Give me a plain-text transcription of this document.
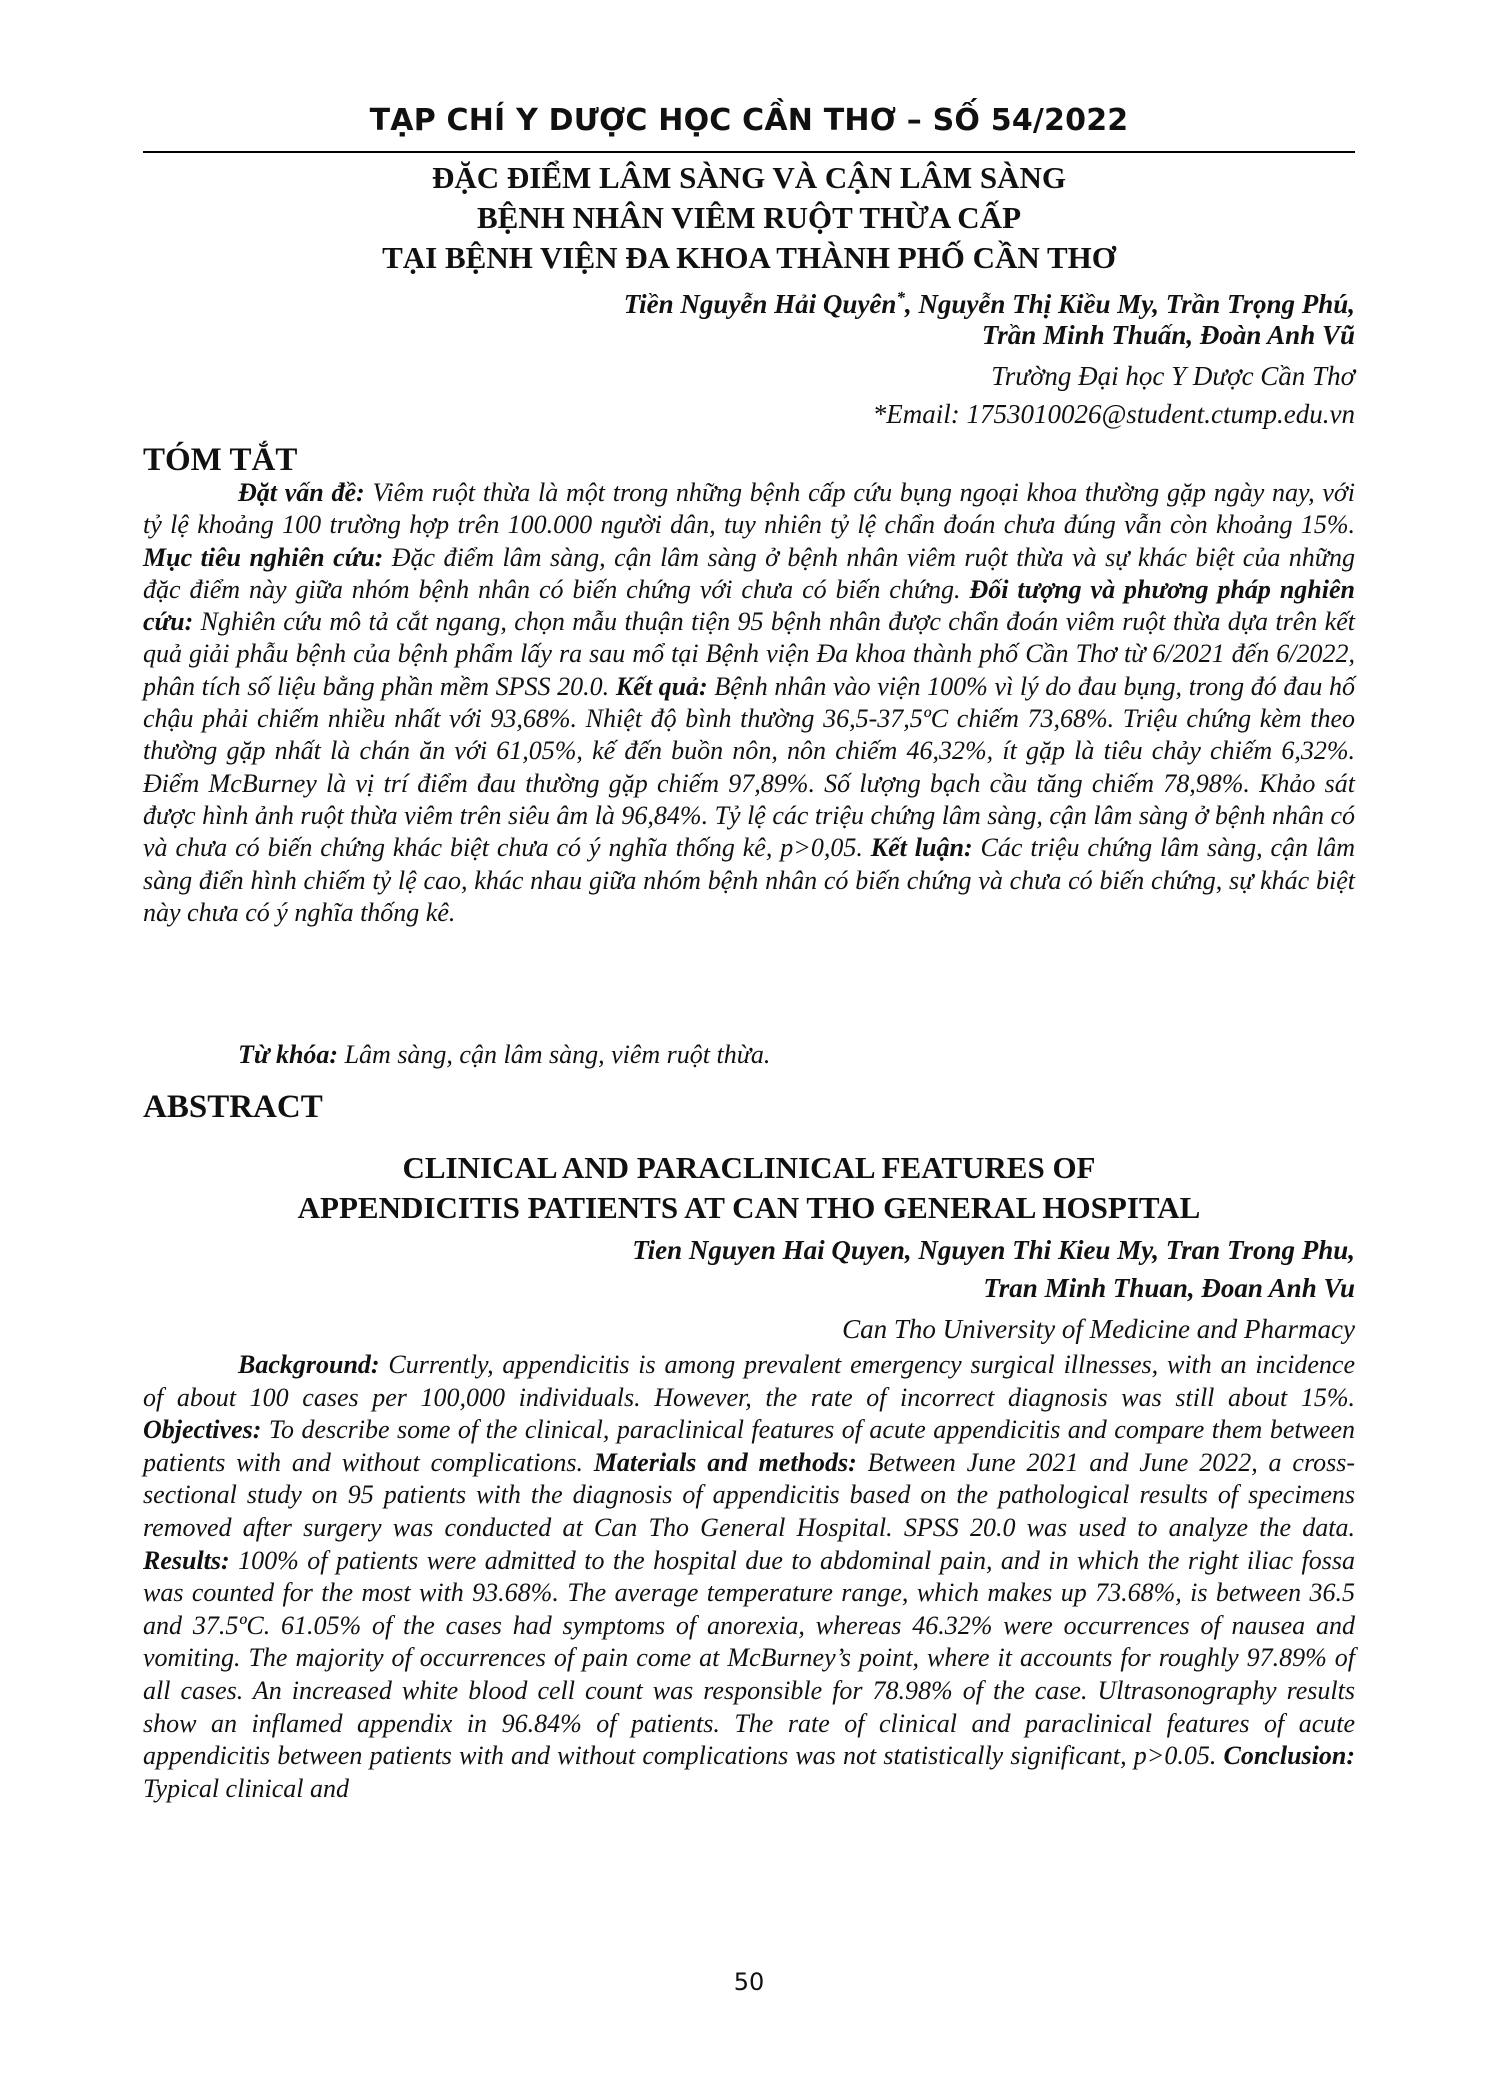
TẠP CHÍ Y DƯỢC HỌC CẦN THƠ – SỐ 54/2022
ĐẶC ĐIỂM LÂM SÀNG VÀ CẬN LÂM SÀNG
BỆNH NHÂN VIÊM RUỘT THỪA CẤP
TẠI BỆNH VIỆN ĐA KHOA THÀNH PHỐ CẦN THƠ
Tiền Nguyễn Hải Quyên*, Nguyễn Thị Kiều My, Trần Trọng Phú,
Trần Minh Thuấn, Đoàn Anh Vũ
Trường Đại học Y Dược Cần Thơ
*Email: 1753010026@student.ctump.edu.vn
TÓM TẮT
Đặt vấn đề: Viêm ruột thừa là một trong những bệnh cấp cứu bụng ngoại khoa thường gặp ngày nay, với tỷ lệ khoảng 100 trường hợp trên 100.000 người dân, tuy nhiên tỷ lệ chẩn đoán chưa đúng vẫn còn khoảng 15%. Mục tiêu nghiên cứu: Đặc điểm lâm sàng, cận lâm sàng ở bệnh nhân viêm ruột thừa và sự khác biệt của những đặc điểm này giữa nhóm bệnh nhân có biến chứng với chưa có biến chứng. Đối tượng và phương pháp nghiên cứu: Nghiên cứu mô tả cắt ngang, chọn mẫu thuận tiện 95 bệnh nhân được chẩn đoán viêm ruột thừa dựa trên kết quả giải phẫu bệnh của bệnh phẩm lấy ra sau mổ tại Bệnh viện Đa khoa thành phố Cần Thơ từ 6/2021 đến 6/2022, phân tích số liệu bằng phần mềm SPSS 20.0. Kết quả: Bệnh nhân vào viện 100% vì lý do đau bụng, trong đó đau hố chậu phải chiếm nhiều nhất với 93,68%. Nhiệt độ bình thường 36,5-37,5ºC chiếm 73,68%. Triệu chứng kèm theo thường gặp nhất là chán ăn với 61,05%, kế đến buồn nôn, nôn chiếm 46,32%, ít gặp là tiêu chảy chiếm 6,32%. Điểm McBurney là vị trí điểm đau thường gặp chiếm 97,89%. Số lượng bạch cầu tăng chiếm 78,98%. Khảo sát được hình ảnh ruột thừa viêm trên siêu âm là 96,84%. Tỷ lệ các triệu chứng lâm sàng, cận lâm sàng ở bệnh nhân có và chưa có biến chứng khác biệt chưa có ý nghĩa thống kê, p>0,05. Kết luận: Các triệu chứng lâm sàng, cận lâm sàng điển hình chiếm tỷ lệ cao, khác nhau giữa nhóm bệnh nhân có biến chứng và chưa có biến chứng, sự khác biệt này chưa có ý nghĩa thống kê.
Từ khóa: Lâm sàng, cận lâm sàng, viêm ruột thừa.
ABSTRACT
CLINICAL AND PARACLINICAL FEATURES OF
APPENDICITIS PATIENTS AT CAN THO GENERAL HOSPITAL
Tien Nguyen Hai Quyen, Nguyen Thi Kieu My, Tran Trong Phu,
Tran Minh Thuan, Đoan Anh Vu
Can Tho University of Medicine and Pharmacy
Background: Currently, appendicitis is among prevalent emergency surgical illnesses, with an incidence of about 100 cases per 100,000 individuals. However, the rate of incorrect diagnosis was still about 15%. Objectives: To describe some of the clinical, paraclinical features of acute appendicitis and compare them between patients with and without complications. Materials and methods: Between June 2021 and June 2022, a cross-sectional study on 95 patients with the diagnosis of appendicitis based on the pathological results of specimens removed after surgery was conducted at Can Tho General Hospital. SPSS 20.0 was used to analyze the data. Results: 100% of patients were admitted to the hospital due to abdominal pain, and in which the right iliac fossa was counted for the most with 93.68%. The average temperature range, which makes up 73.68%, is between 36.5 and 37.5ºC. 61.05% of the cases had symptoms of anorexia, whereas 46.32% were occurrences of nausea and vomiting. The majority of occurrences of pain come at McBurney’s point, where it accounts for roughly 97.89% of all cases. An increased white blood cell count was responsible for 78.98% of the case. Ultrasonography results show an inflamed appendix in 96.84% of patients. The rate of clinical and paraclinical features of acute appendicitis between patients with and without complications was not statistically significant, p>0.05. Conclusion: Typical clinical and
50
